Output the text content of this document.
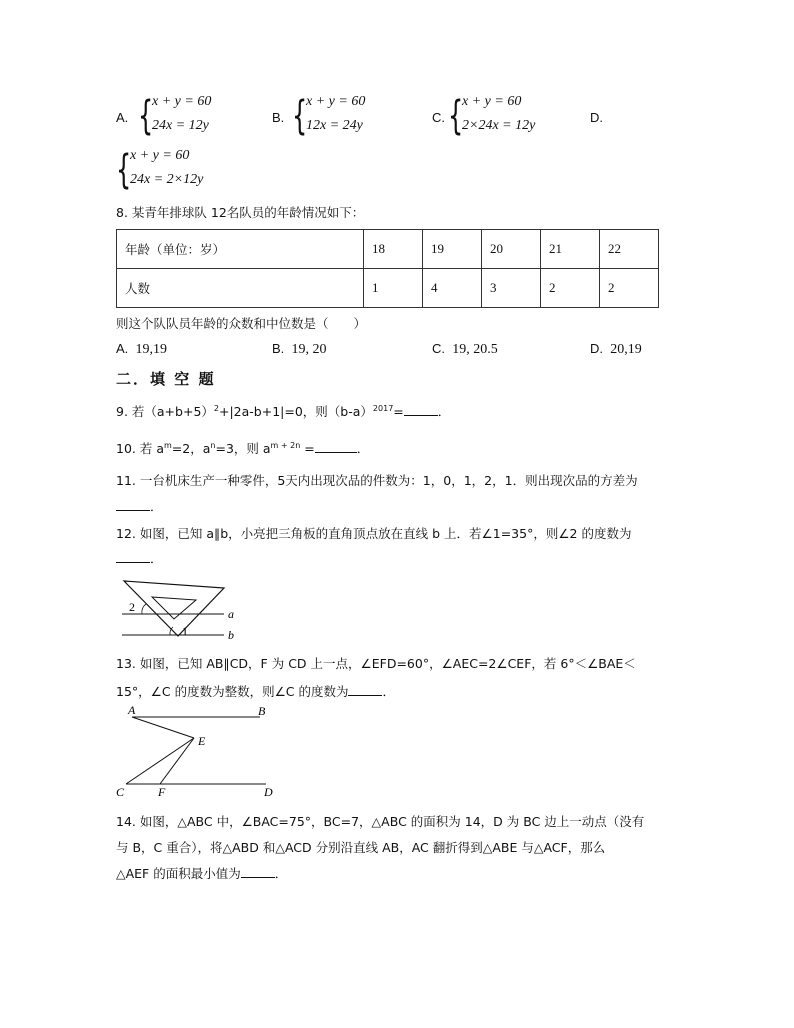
A. {
x + y = 60
24x = 12y
B. {
x + y = 60
12x = 24y
C. {
x + y = 60
2×24x = 12y
D.
{
x + y = 60
24x = 2×12y
8. 某青年排球队 12名队员的年龄情况如下：
年龄（单位：岁）	18	19	20	21	22
人数	1	4	3	2	2
则这个队队员年龄的众数和中位数是（　　）
A. 19,19	B. 19, 20	C. 19, 20.5	D. 20,19
二．填 空 题
9. 若$(a+b+5)^2+|2a-b+1|=0$，则$(b-a)^{2017}=$	．
10. 若 $a^m=2$，$a^n=3$，则 $a^{m + 2n}$ =	．
11. 一台机床生产一种零件，5天内出现次品的件数为：1，0，1，2，1．则出现次品的方差为
．
12. 如图，已知 a∥b，小亮把三角板的直角顶点放在直线 b 上．若∠1=35°，则∠2 的度数为
．
2
1
a
b
13. 如图，已知 AB∥CD，F 为 CD 上一点，∠EFD=60°，∠AEC=2∠CEF，若 6°＜∠BAE＜
15°，∠C 的度数为整数，则∠C 的度数为	．
A	B
E
C	F	D
14. 如图，△ABC 中，∠BAC=75°，BC=7，△ABC 的面积为 14，D 为 BC 边上一动点（没有
与 B，C 重合），将△ABD 和△ACD 分别沿直线 AB，AC 翻折得到△ABE 与△ACF，那么
△AEF 的面积最小值为	．
